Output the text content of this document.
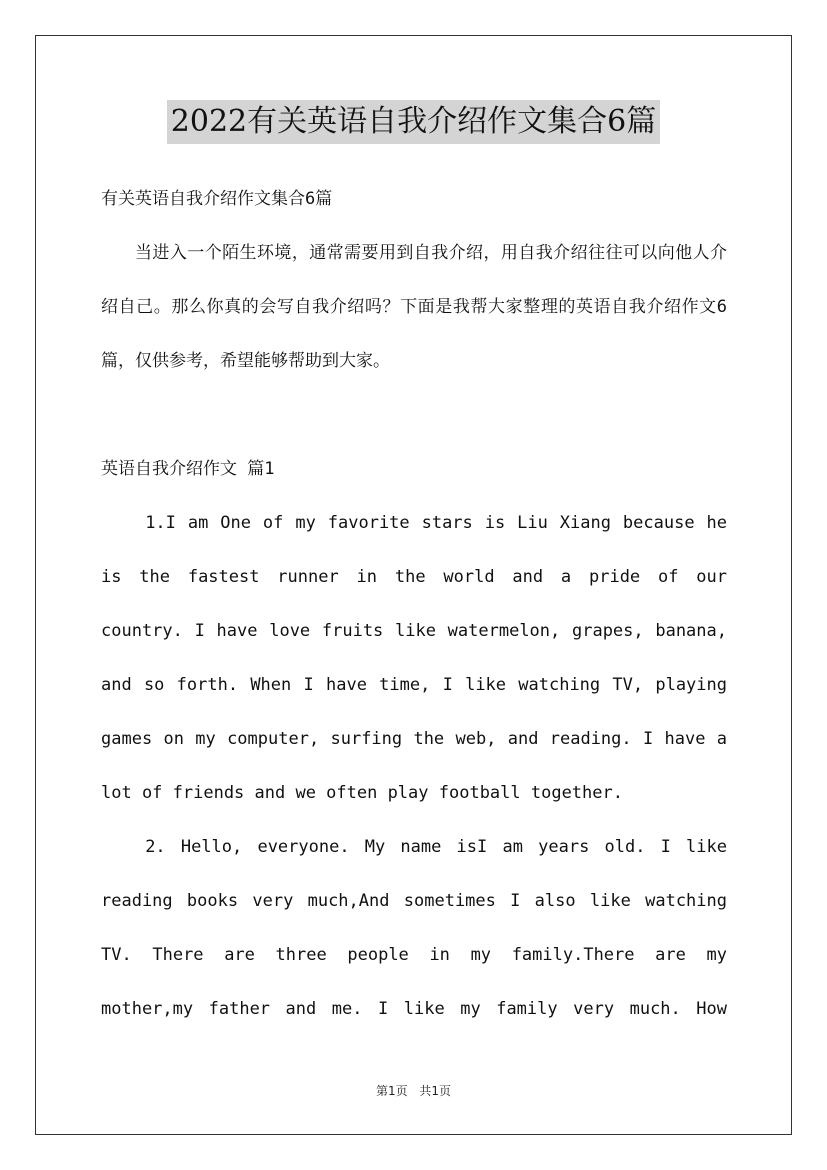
2022有关英语自我介绍作文集合6篇

有关英语自我介绍作文集合6篇

当进入一个陌生环境，通常需要用到自我介绍，用自我介绍往往可以向他人介绍自己。那么你真的会写自我介绍吗？下面是我帮大家整理的英语自我介绍作文6篇，仅供参考，希望能够帮助到大家。

英语自我介绍作文 篇1

1.I am One of my favorite stars is Liu Xiang because he is the fastest runner in the world and a pride of our country. I have love fruits like watermelon, grapes, banana, and so forth. When I have time, I like watching TV, playing games on my computer, surfing the web, and reading. I have a lot of friends and we often play football together.

2. Hello, everyone. My name isI am years old. I like reading books very much,And sometimes I also like watching TV. There are three people in my family.There are my mother,my father and me. I like my family very much. How

第1页 共1页
